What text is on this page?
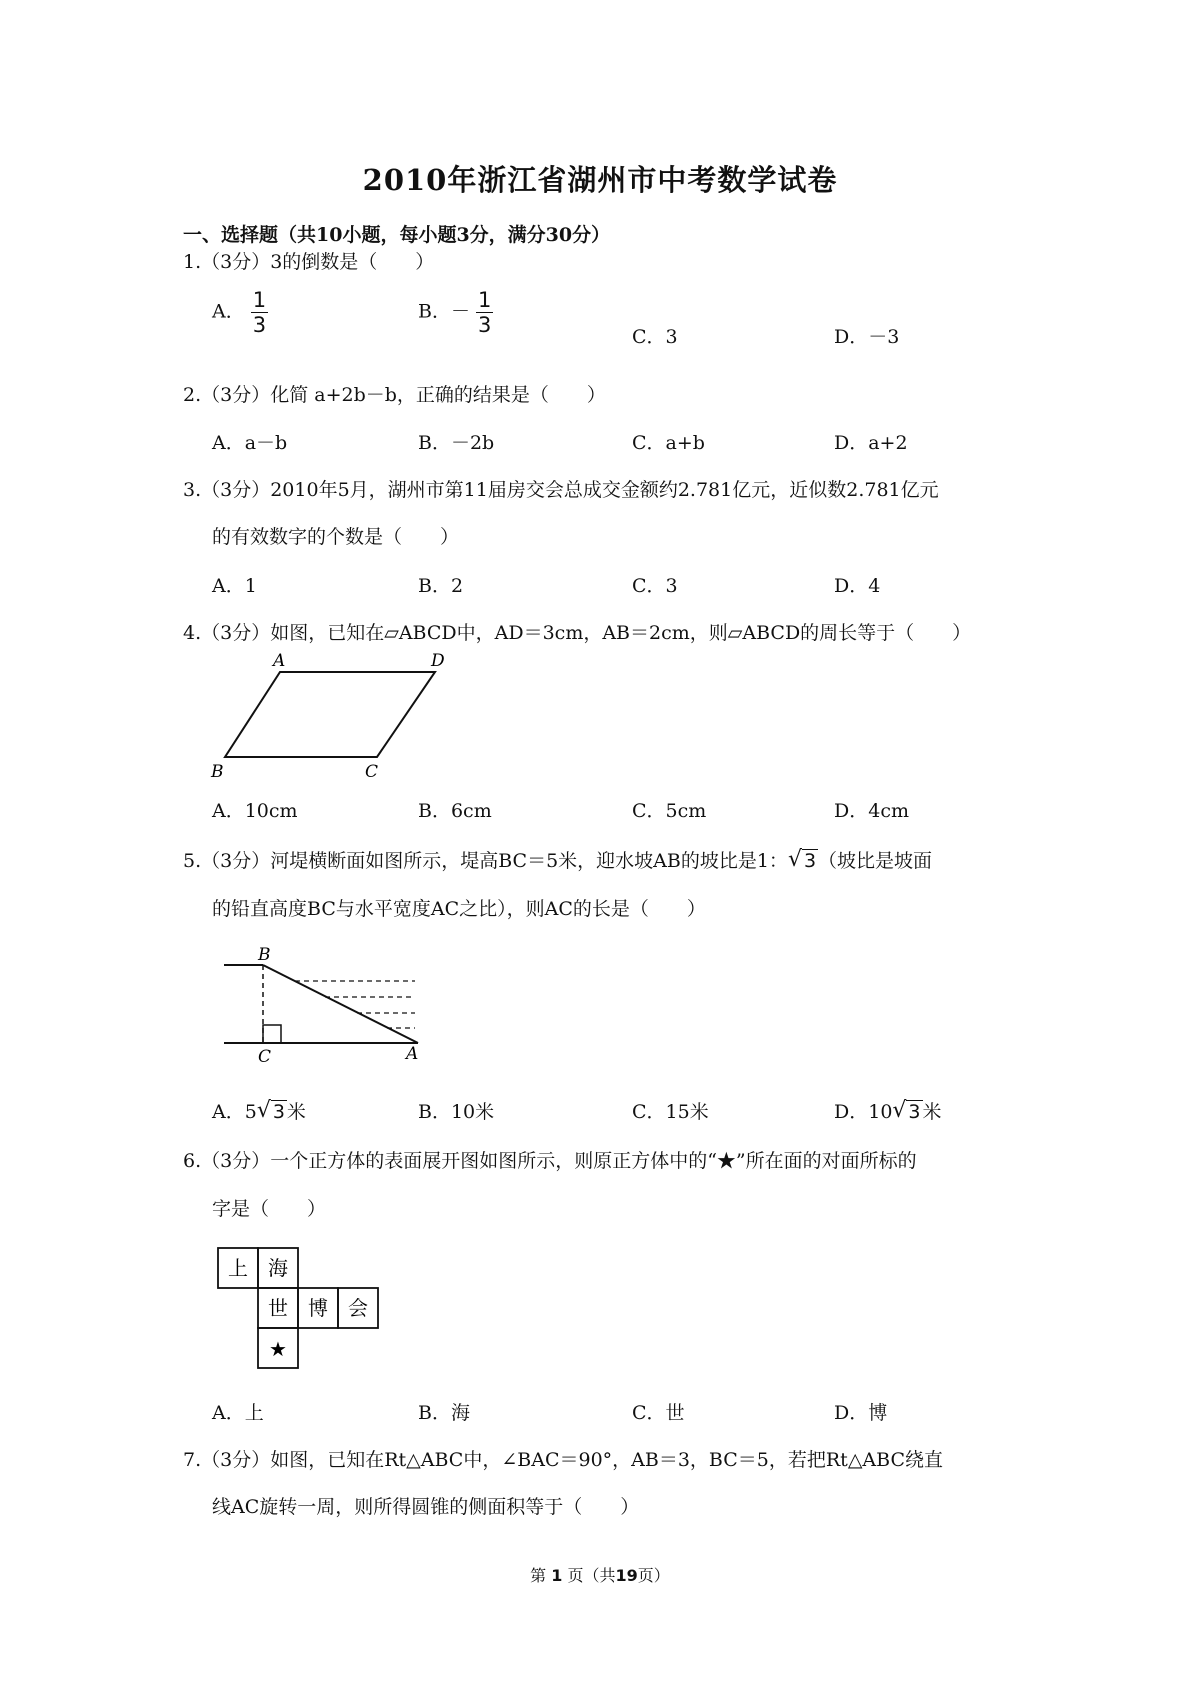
2010年浙江省湖州市中考数学试卷
一、选择题（共10小题，每小题3分，满分30分）
1.（3分）3的倒数是（　　）
A． $\frac{1}{3}$	B．－ $\frac{1}{3}$	C．3	D．－3
2.（3分）化简 a+2b－b，正确的结果是（　　）
A．a－b	B．－2b	C．a+b	D．a+2
3.（3分）2010年5月，湖州市第11届房交会总成交金额约2.781亿元，近似数2.781亿元
的有效数字的个数是（　　）
A．1	B．2	C．3	D．4
4.（3分）如图，已知在▱ABCD中，AD＝3cm，AB＝2cm，则▱ABCD的周长等于（　　）
A	D
B	C
A．10cm	B．6cm	C．5cm	D．4cm
5.（3分）河堤横断面如图所示，堤高BC＝5米，迎水坡AB的坡比是1： √ 3 （坡比是坡面
的铅直高度BC与水平宽度AC之比），则AC的长是（　　）
B
C	A
A．5 √ 3 米	B．10米	C．15米	D．10 √ 3 米
6.（3分）一个正方体的表面展开图如图所示，则原正方体中的“★”所在面的对面所标的
字是（　　）
上 海
世 博 会
★
A．上	B．海	C．世	D．博
7.（3分）如图，已知在Rt△ABC中，∠BAC＝90°，AB＝3，BC＝5，若把Rt△ABC绕直
线AC旋转一周，则所得圆锥的侧面积等于（　　）
第 1 页（共19页）
